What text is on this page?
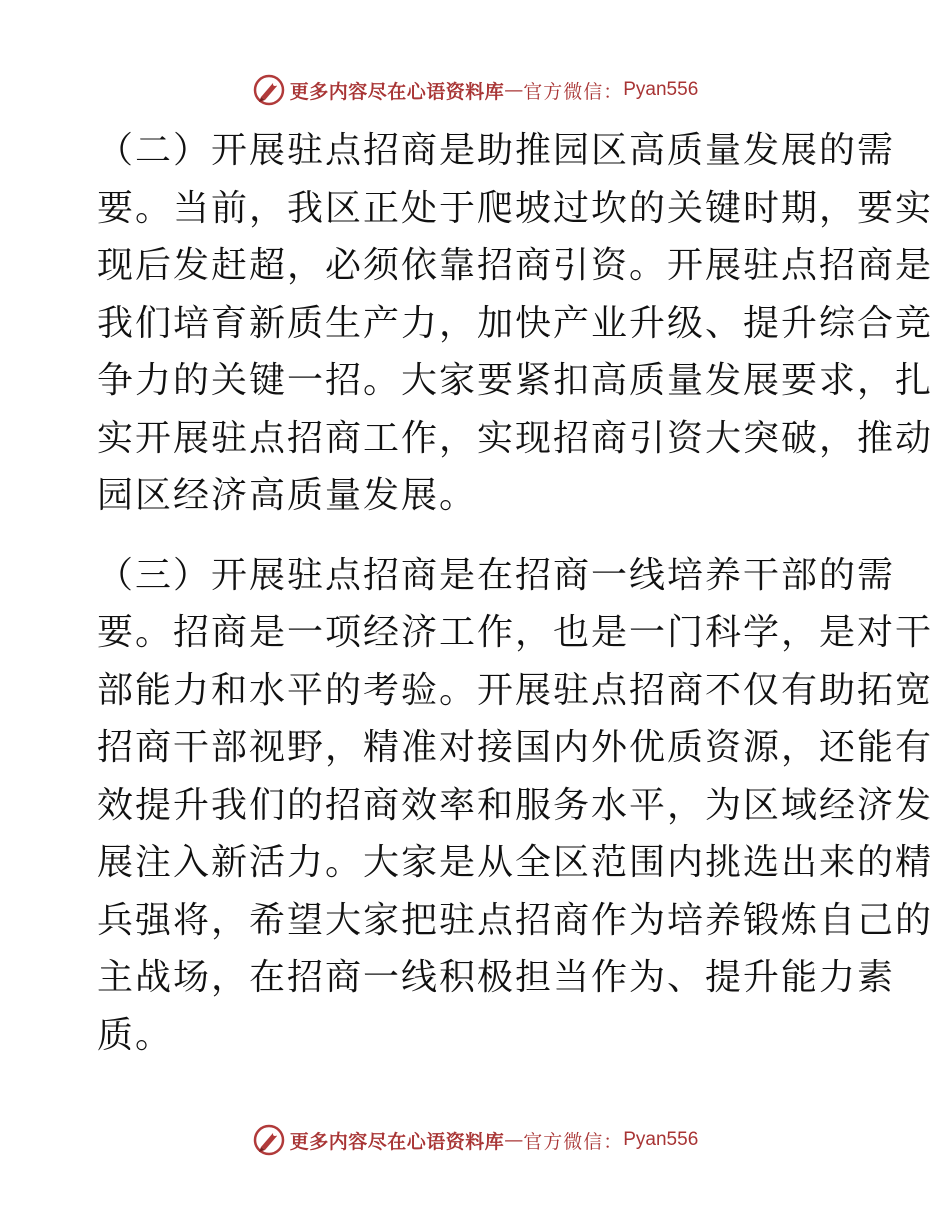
更多内容尽在心语资料库 — 官方微信： Pyan556

（二）开展驻点招商是助推园区高质量发展的需
要。当前，我区正处于爬坡过坎的关键时期，要实
现后发赶超，必须依靠招商引资。开展驻点招商是
我们培育新质生产力，加快产业升级、提升综合竞
争力的关键一招。大家要紧扣高质量发展要求，扎
实开展驻点招商工作，实现招商引资大突破，推动
园区经济高质量发展。

（三）开展驻点招商是在招商一线培养干部的需
要。招商是一项经济工作，也是一门科学，是对干
部能力和水平的考验。开展驻点招商不仅有助拓宽
招商干部视野，精准对接国内外优质资源，还能有
效提升我们的招商效率和服务水平，为区域经济发
展注入新活力。大家是从全区范围内挑选出来的精
兵强将，希望大家把驻点招商作为培养锻炼自己的
主战场，在招商一线积极担当作为、提升能力素
质。

更多内容尽在心语资料库 — 官方微信： Pyan556
